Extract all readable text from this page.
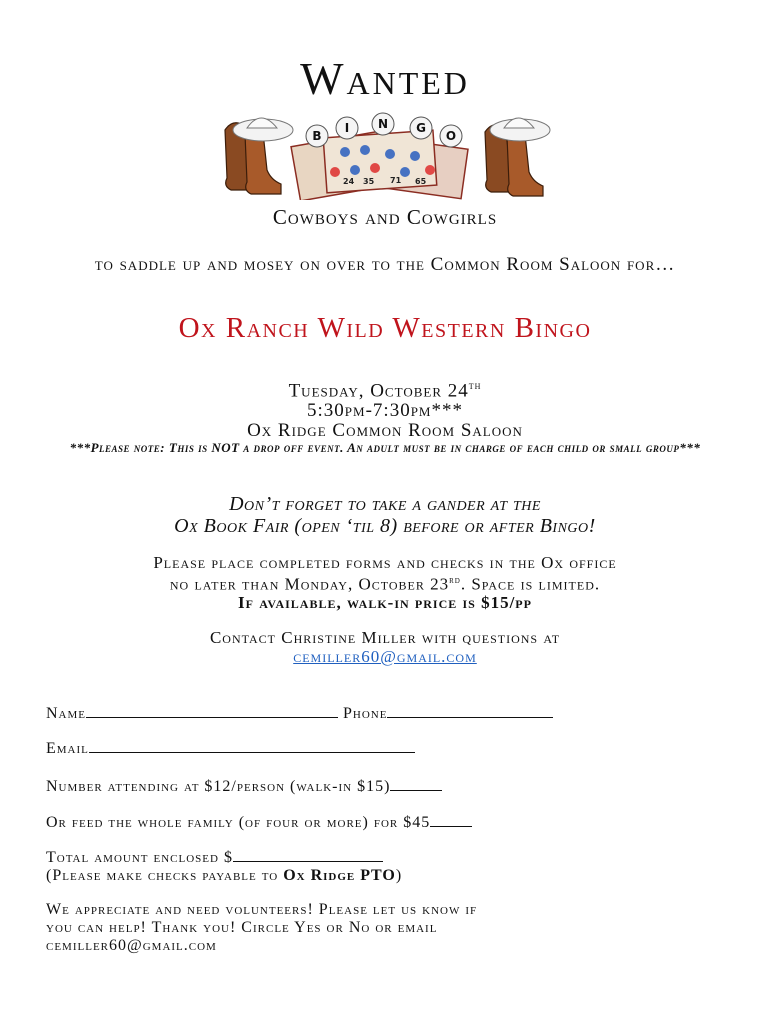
Wanted
24 35 71 65
B
I N G
O
Cowboys and Cowgirls
to saddle up and mosey on over to the Common Room Saloon for…
Ox Ranch Wild Western Bingo
Tuesday, October 24th
5:30pm-7:30pm***
Ox Ridge Common Room Saloon
***Please note: This is NOT a drop off event. An adult must be in charge of each child or small group***
Don’t forget to take a gander at the
Ox Book Fair (open ‘til 8) before or after Bingo!
Please place completed forms and checks in the Ox office
no later than Monday, October 23rd. Space is limited.
If available, walk-in price is $15/pp
Contact Christine Miller with questions at
cemiller60@gmail.com
Name	Phone
Email
Number attending at $12/person (walk-in $15)
Or feed the whole family (of four or more) for $45
Total amount enclosed $
(Please make checks payable to Ox Ridge PTO)
We appreciate and need volunteers! Please let us know if
you can help! Thank you! Circle Yes or No or email
cemiller60@gmail.com
